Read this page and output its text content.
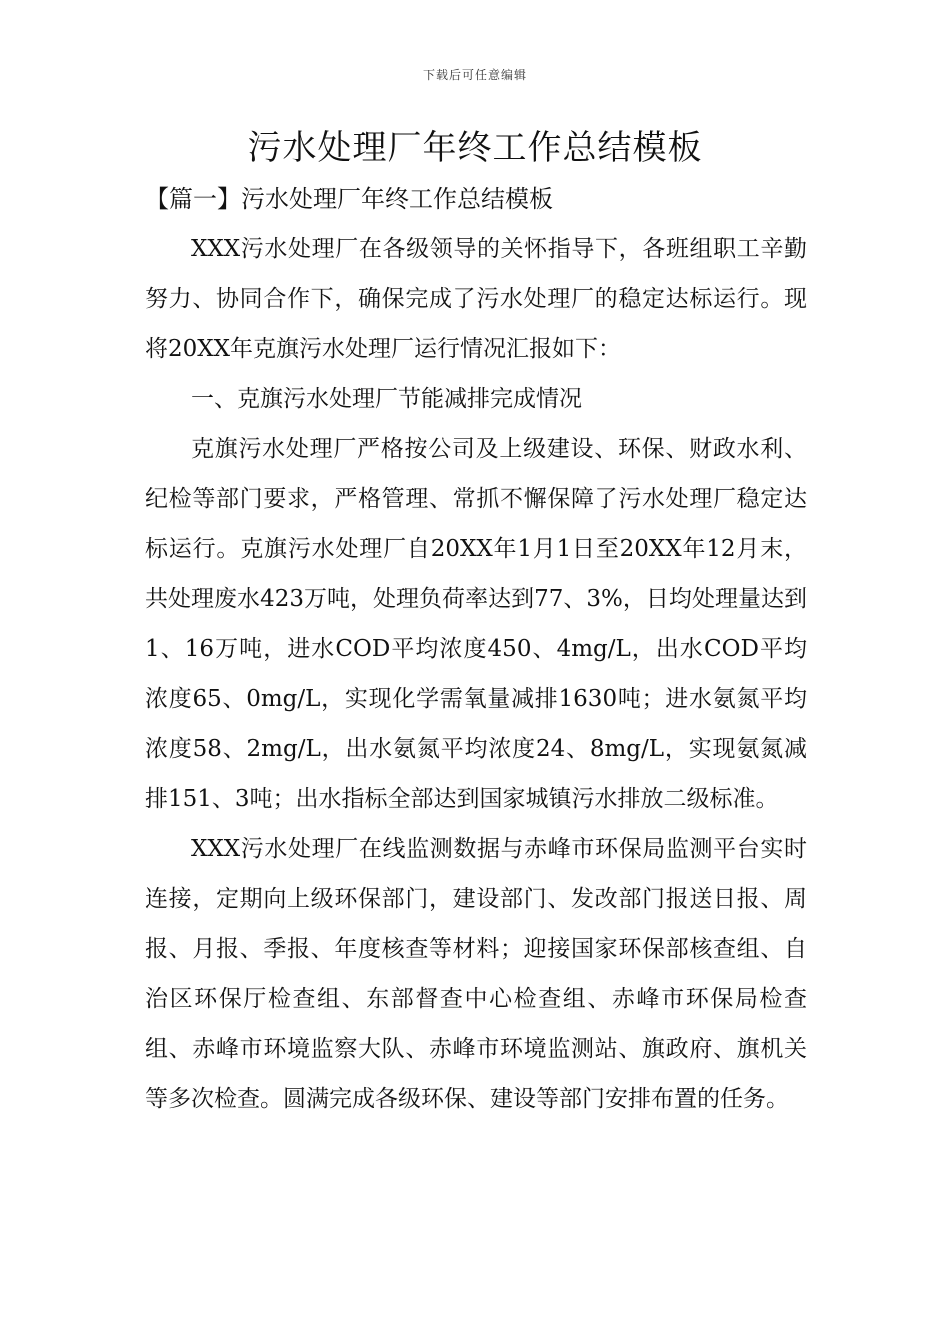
下载后可任意编辑
污水处理厂年终工作总结模板
【篇一】污水处理厂年终工作总结模板

XXX污水处理厂在各级领导的关怀指导下，各班组职工辛勤努力、协同合作下，确保完成了污水处理厂的稳定达标运行。现将20XX年克旗污水处理厂运行情况汇报如下：

一、克旗污水处理厂节能减排完成情况

克旗污水处理厂严格按公司及上级建设、环保、财政水利、纪检等部门要求，严格管理、常抓不懈保障了污水处理厂稳定达标运行。克旗污水处理厂自20XX年1月1日至20XX年12月末，共处理废水423万吨，处理负荷率达到77、3%，日均处理量达到1、16万吨，进水COD平均浓度450、4mg/L，出水COD平均浓度65、0mg/L，实现化学需氧量减排1630吨；进水氨氮平均浓度58、2mg/L，出水氨氮平均浓度24、8mg/L，实现氨氮减排151、3吨；出水指标全部达到国家城镇污水排放二级标准。

XXX污水处理厂在线监测数据与赤峰市环保局监测平台实时连接，定期向上级环保部门，建设部门、发改部门报送日报、周报、月报、季报、年度核查等材料；迎接国家环保部核查组、自治区环保厅检查组、东部督查中心检查组、赤峰市环保局检查组、赤峰市环境监察大队、赤峰市环境监测站、旗政府、旗机关等多次检查。圆满完成各级环保、建设等部门安排布置的任务。
